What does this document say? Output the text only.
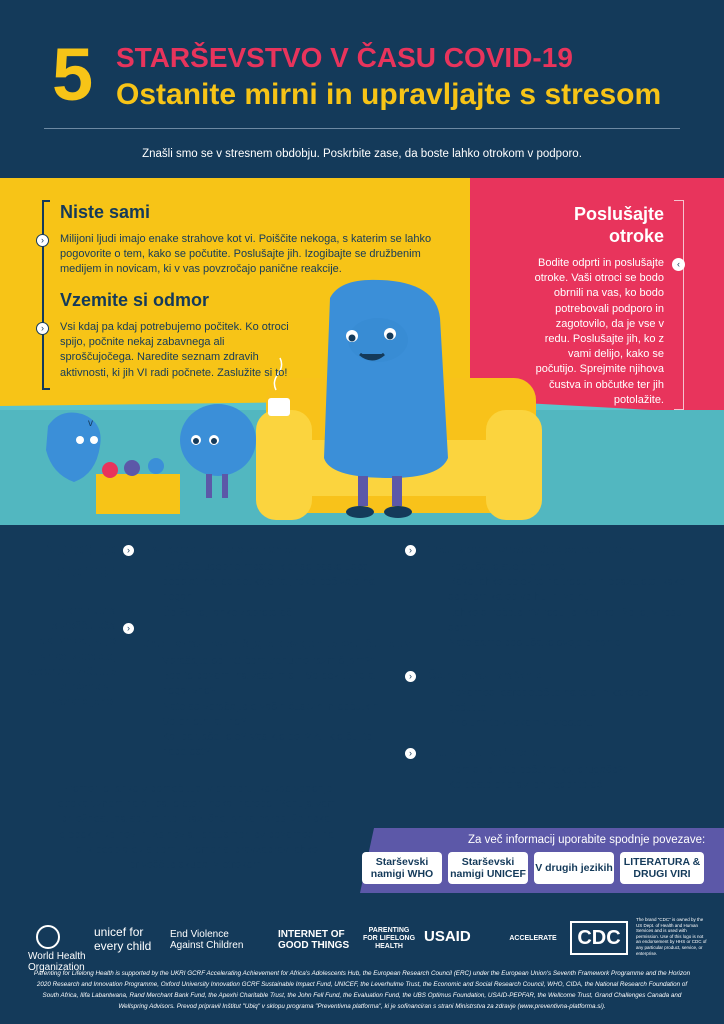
5 STARŠEVSTVO V ČASU COVID-19
Ostanite mirni in upravljajte s stresom
Znašli smo se v stresnem obdobju. Poskrbite zase, da boste lahko otrokom v podporo.
v
Niste sami
›	Milijoni ljudi imajo enake strahove kot vi. Poiščite nekoga, s katerim se lahko pogovorite o tem, kako se počutite. Poslušajte jih. Izogibajte se družbenim medijem in novicam, ki v vas povzročajo panične reakcije.
Vzemite si odmor
›	Vsi kdaj pa kdaj potrebujemo počitek. Ko otroci spijo, počnite nekaj zabavnega ali sproščujočega. Naredite seznam zdravih aktivnosti, ki jih VI radi počnete. Zaslužite si to!
Poslušajte otroke
‹
Bodite odprti in poslušajte otroke. Vaši otroci se bodo obrnili na vas, ko bodo potrebovali podporo in zagotovilo, da je vse v redu. Poslušajte jih, ko z vami delijo, kako se počutijo. Sprejmite njihova čustva in občutke ter jih potolažite.
Naredite premor
Enominutna sproščujoča aktivnost, ki jo lahko izvedete, kadar se počutite stresno ali zaskrbljeno.
›	Prvi korak: Udobno se namestite
• Poiščite udobno mesto, kjer se boste usedli, podplati naj se dotikajo tal, roke počivajo na nogah.
• Če želite, lahko zaprete oči.
›
Drugi korak: Razmišljajte o svojem telesu, čutite ga
• Vprašajte se: "O čem trenutno razmišljam?".
• Bodite pozorni na vaše misli. So pozitivne ali negativne?
• Nato se vprašajte o vaših čustvih in občutkih. So prijetni ali ne?
• Kaj pa vaše telo? Vas kje boli? Ali kje čutite napetost?
›	Tretji korak: Osredotočite se na dihanje
• Poslušajte svoje dihanje.
• Roko lahko položite na trebuh in opazujete, kako se premika ob vdihu in izdihu.
• Lahko si rečete: "V redu je. Kar koli že je, v redu sem.".
• Nato samo poslušajte svoje dihanje.
›	Četrti korak: Vračanje
• Pozornost osredotočite na telo in kako se počutite.
• Prisluhnite zvokom v prostoru.
›	Peti korak: Refleksija
• Pomislite: "Se počutim kaj drugače?".
• Ko boste pripravljeni, odprite oči.
Premor je lahko v pomoč tudi v primeru, ko vas vedenje otroka vznemirja ali pa je storil nekaj narobe. Ponuja vam priložnost, da se umirite. Različno lahko naredi že nekaj globokih vdihov in izdihov ali preusmeritev pozornosti na stik podplatov s tlemi. Premor si pravzaprav lahko privoščite skupaj z otrokom!
Za več informacij uporabite spodnje povezave:
Starševski namigi WHO
Starševski namigi UNICEF V drugih jezikih	LITERATURA & DRUGI VIRI
World Health Organization
unicef for every child
End Violence Against Children
INTERNET OF GOOD THINGS
PARENTING FOR LIFELONG HEALTH
USAID	ACCELERATE	CDC
The brand "CDC" is owned by the US Dept. of Health and Human Services and is used with permission. Use of this logo is not an endorsement by HHS or CDC of any particular product, service, or enterprise.
Parenting for Lifelong Health is supported by the UKRI GCRF Accelerating Achievement for Africa's Adolescents Hub, the European Research Council (ERC) under the European Union's Seventh Framework Programme and the Horizon 2020 Research and Innovation Programme, Oxford University Innovation GCRF Sustainable Impact Fund, UNICEF, the Leverhulme Trust, the Economic and Social Research Council, WHO, CIDA, the National Research Foundation of South Africa, Ilifa Labantwana, Rand Merchant Bank Fund, the Apexhi Charitable Trust, the John Fell Fund, the Evaluation Fund, the UBS Optimus Foundation, USAID-PEPFAR, the Wellcome Trust, Grand Challenges Canada and Wellspring Advisors. Prevod pripravil Inštitut "Ubiq" v sklopu programa "Preventivna platforma", ki je sofinanciran s strani Ministrstva za zdravje (www.preventivna-platforma.si).
